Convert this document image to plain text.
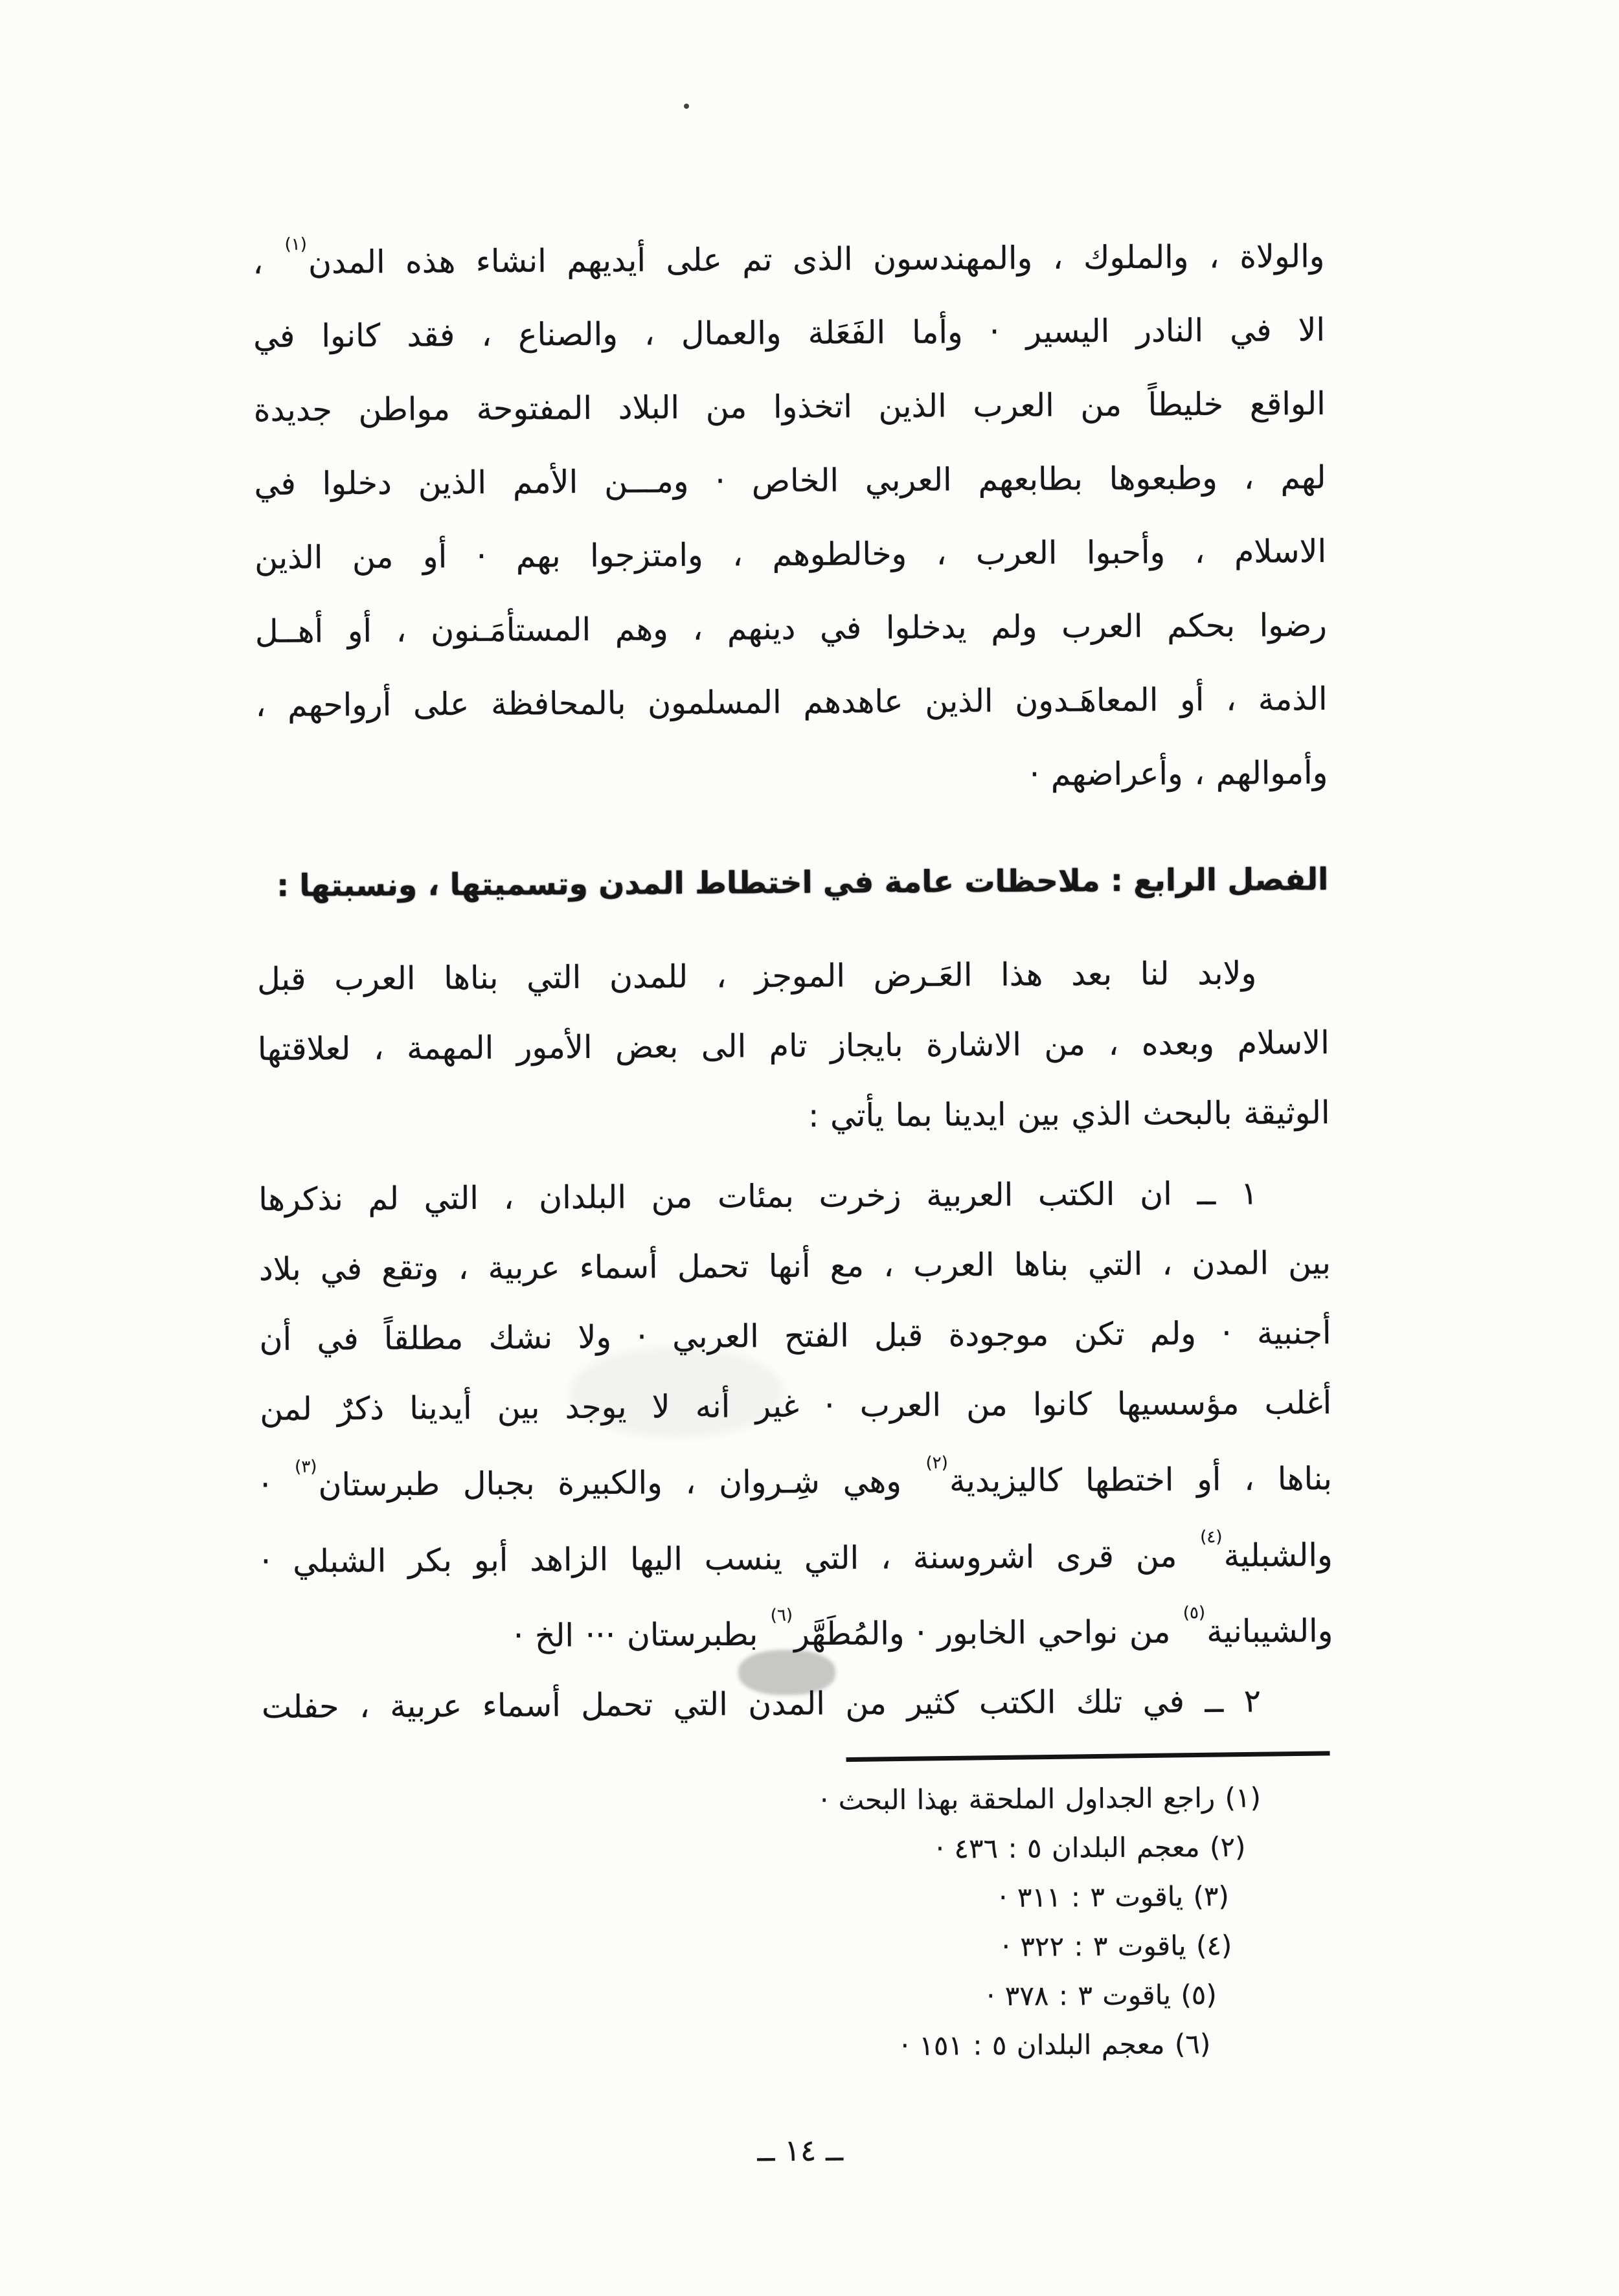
والولاة ، والملوك ، والمهندسون الذى تم على أيديهم انشاء هذه المدن$^{(١)}$ ،
الا في النادر اليسير · وأما الفَعَلة والعمال ، والصناع ، فقد كانوا في
الواقع خليطاً من العرب الذين اتخذوا من البلاد المفتوحة مواطن جديدة
لهم ، وطبعوها بطابعهم العربي الخاص · ومـــن الأمم الذين دخلوا في
الاسلام ، وأحبوا العرب ، وخالطوهم ، وامتزجوا بهم · أو من الذين
رضوا بحكم العرب ولم يدخلوا في دينهم ، وهم المستأمَـنون ، أو أهــل
الذمة ، أو المعاهَـدون الذين عاهدهم المسلمون بالمحافظة على أرواحهم ،
وأموالهم ، وأعراضهم ·
الفصل الرابع : ملاحظات عامة في اختطاط المدن وتسميتها ، ونسبتها :
ولابد لنا بعد هذا العَـرض الموجز ، للمدن التي بناها العرب قبل
الاسلام وبعده ، من الاشارة بايجاز تام الى بعض الأمور المهمة ، لعلاقتها
الوثيقة بالبحث الذي بين ايدينا بما يأتي :
١ ــ ان الكتب العربية زخرت بمئات من البلدان ، التي لم نذكرها
بين المدن ، التي بناها العرب ، مع أنها تحمل أسماء عربية ، وتقع في بلاد
أجنبية · ولم تكن موجودة قبل الفتح العربي · ولا نشك مطلقاً في أن
أغلب مؤسسيها كانوا من العرب · غير أنه لا يوجد بين أيدينا ذكرٌ لمن
بناها ، أو اختطها كاليزيدية$^{(٢)}$ وهي شِـروان ، والكبيرة بجبال طبرستان$^{(٣)}$ ·
والشبلية$^{(٤)}$ من قرى اشروسنة ، التي ينسب اليها الزاهد أبو بكر الشبلي ·
والشيبانية$^{(٥)}$ من نواحي الخابور · والمُطَهَّر$^{(٦)}$ بطبرستان ··· الخ ·
٢ ــ في تلك الكتب كثير من المدن التي تحمل أسماء عربية ، حفلت
(١) راجع الجداول الملحقة بهذا البحث ·
(٢) معجم البلدان ٥ : ٤٣٦ ·
(٣) ياقوت ٣ : ٣١١ ·
(٤) ياقوت ٣ : ٣٢٢ ·
(٥) ياقوت ٣ : ٣٧٨ ·
(٦) معجم البلدان ٥ : ١٥١ ·
ــ ١٤ ــ
